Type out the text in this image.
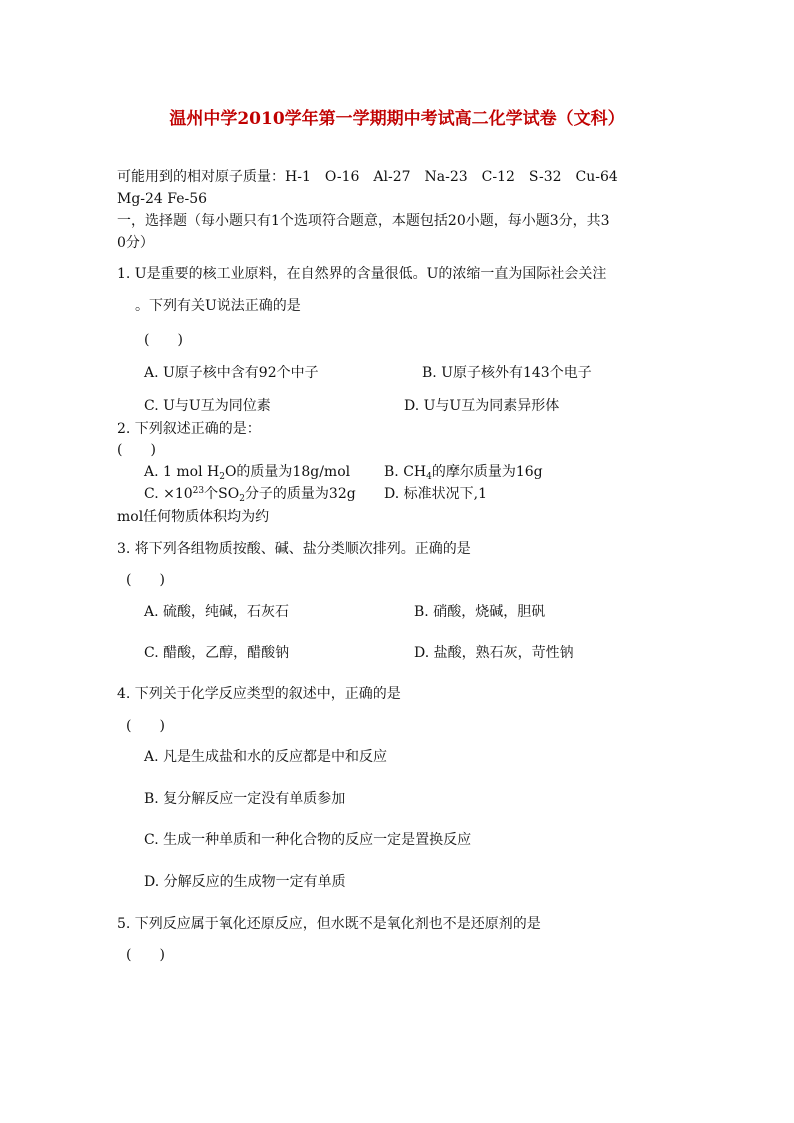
温州中学2010学年第一学期期中考试高二化学试卷（文科）
可能用到的相对原子质量：H-1　O-16　Al-27　Na-23　C-12　S-32　Cu-64
Mg-24 Fe-56
一，选择题（每小题只有1个选项符合题意，本题包括20小题，每小题3分，共3
0分）
1. U是重要的核工业原料，在自然界的含量很低。U的浓缩一直为国际社会关注
。下列有关U说法正确的是
(　　)
A. U原子核中含有92个中子	B. U原子核外有143个电子
C. U与U互为同位素	D. U与U互为同素异形体
2. 下列叙述正确的是：
(　　)
A. 1 mol $H_2O$的质量为18g/mol B. $CH_4$的摩尔质量为16g
C. $\times 10^{23}$个$SO_2$分子的质量为32g D. 标准状况下,1
mol任何物质体积均为约
3. 将下列各组物质按酸、碱、盐分类顺次排列。正确的是
(　　)
A. 硫酸，纯碱，石灰石	B. 硝酸，烧碱，胆矾
C. 醋酸，乙醇，醋酸钠	D. 盐酸，熟石灰，苛性钠
4. 下列关于化学反应类型的叙述中，正确的是
(　　)
A. 凡是生成盐和水的反应都是中和反应
B. 复分解反应一定没有单质参加
C. 生成一种单质和一种化合物的反应一定是置换反应
D. 分解反应的生成物一定有单质
5. 下列反应属于氧化还原反应，但水既不是氧化剂也不是还原剂的是
(　　)
